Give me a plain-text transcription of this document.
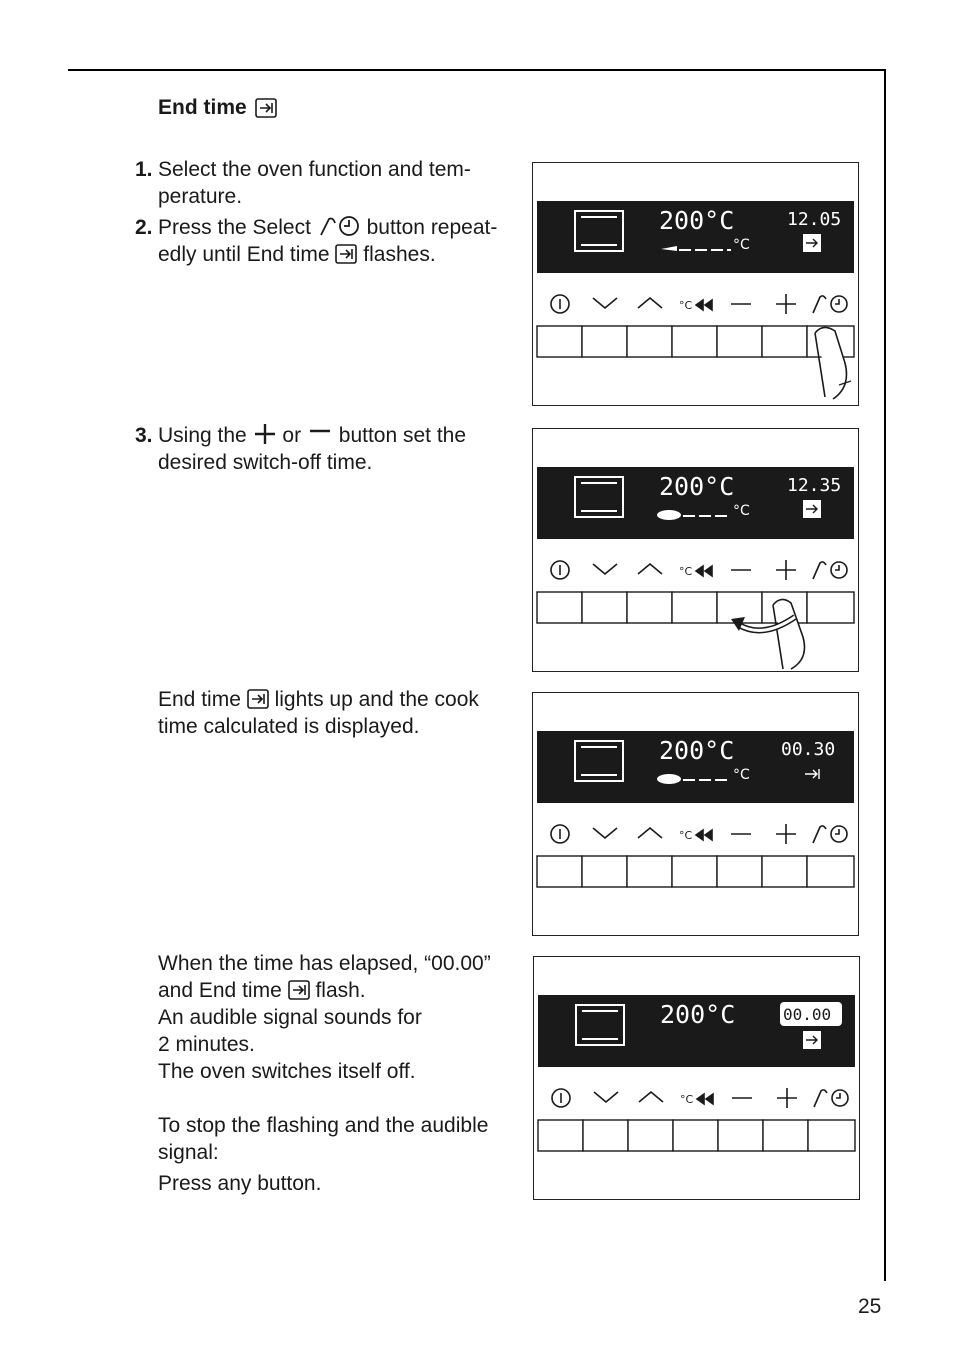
End time
1. Select the oven function and tem-
perature.
2. Press the Select	button repeat-
edly until End time flashes.
3. Using the or button set the
desired switch-off time.
End time lights up and the cook
time calculated is displayed.
When the time has elapsed, “00.00”
and End time flash.
An audible signal sounds for
2 minutes.
The oven switches itself off.
To stop the flashing and the audible
signal:
Press any button.
200°C
°C
12.05
°C
200°C
°C
12.35
°C
200°C
°C
00.30
°C
200°C	00.00
°C
25
